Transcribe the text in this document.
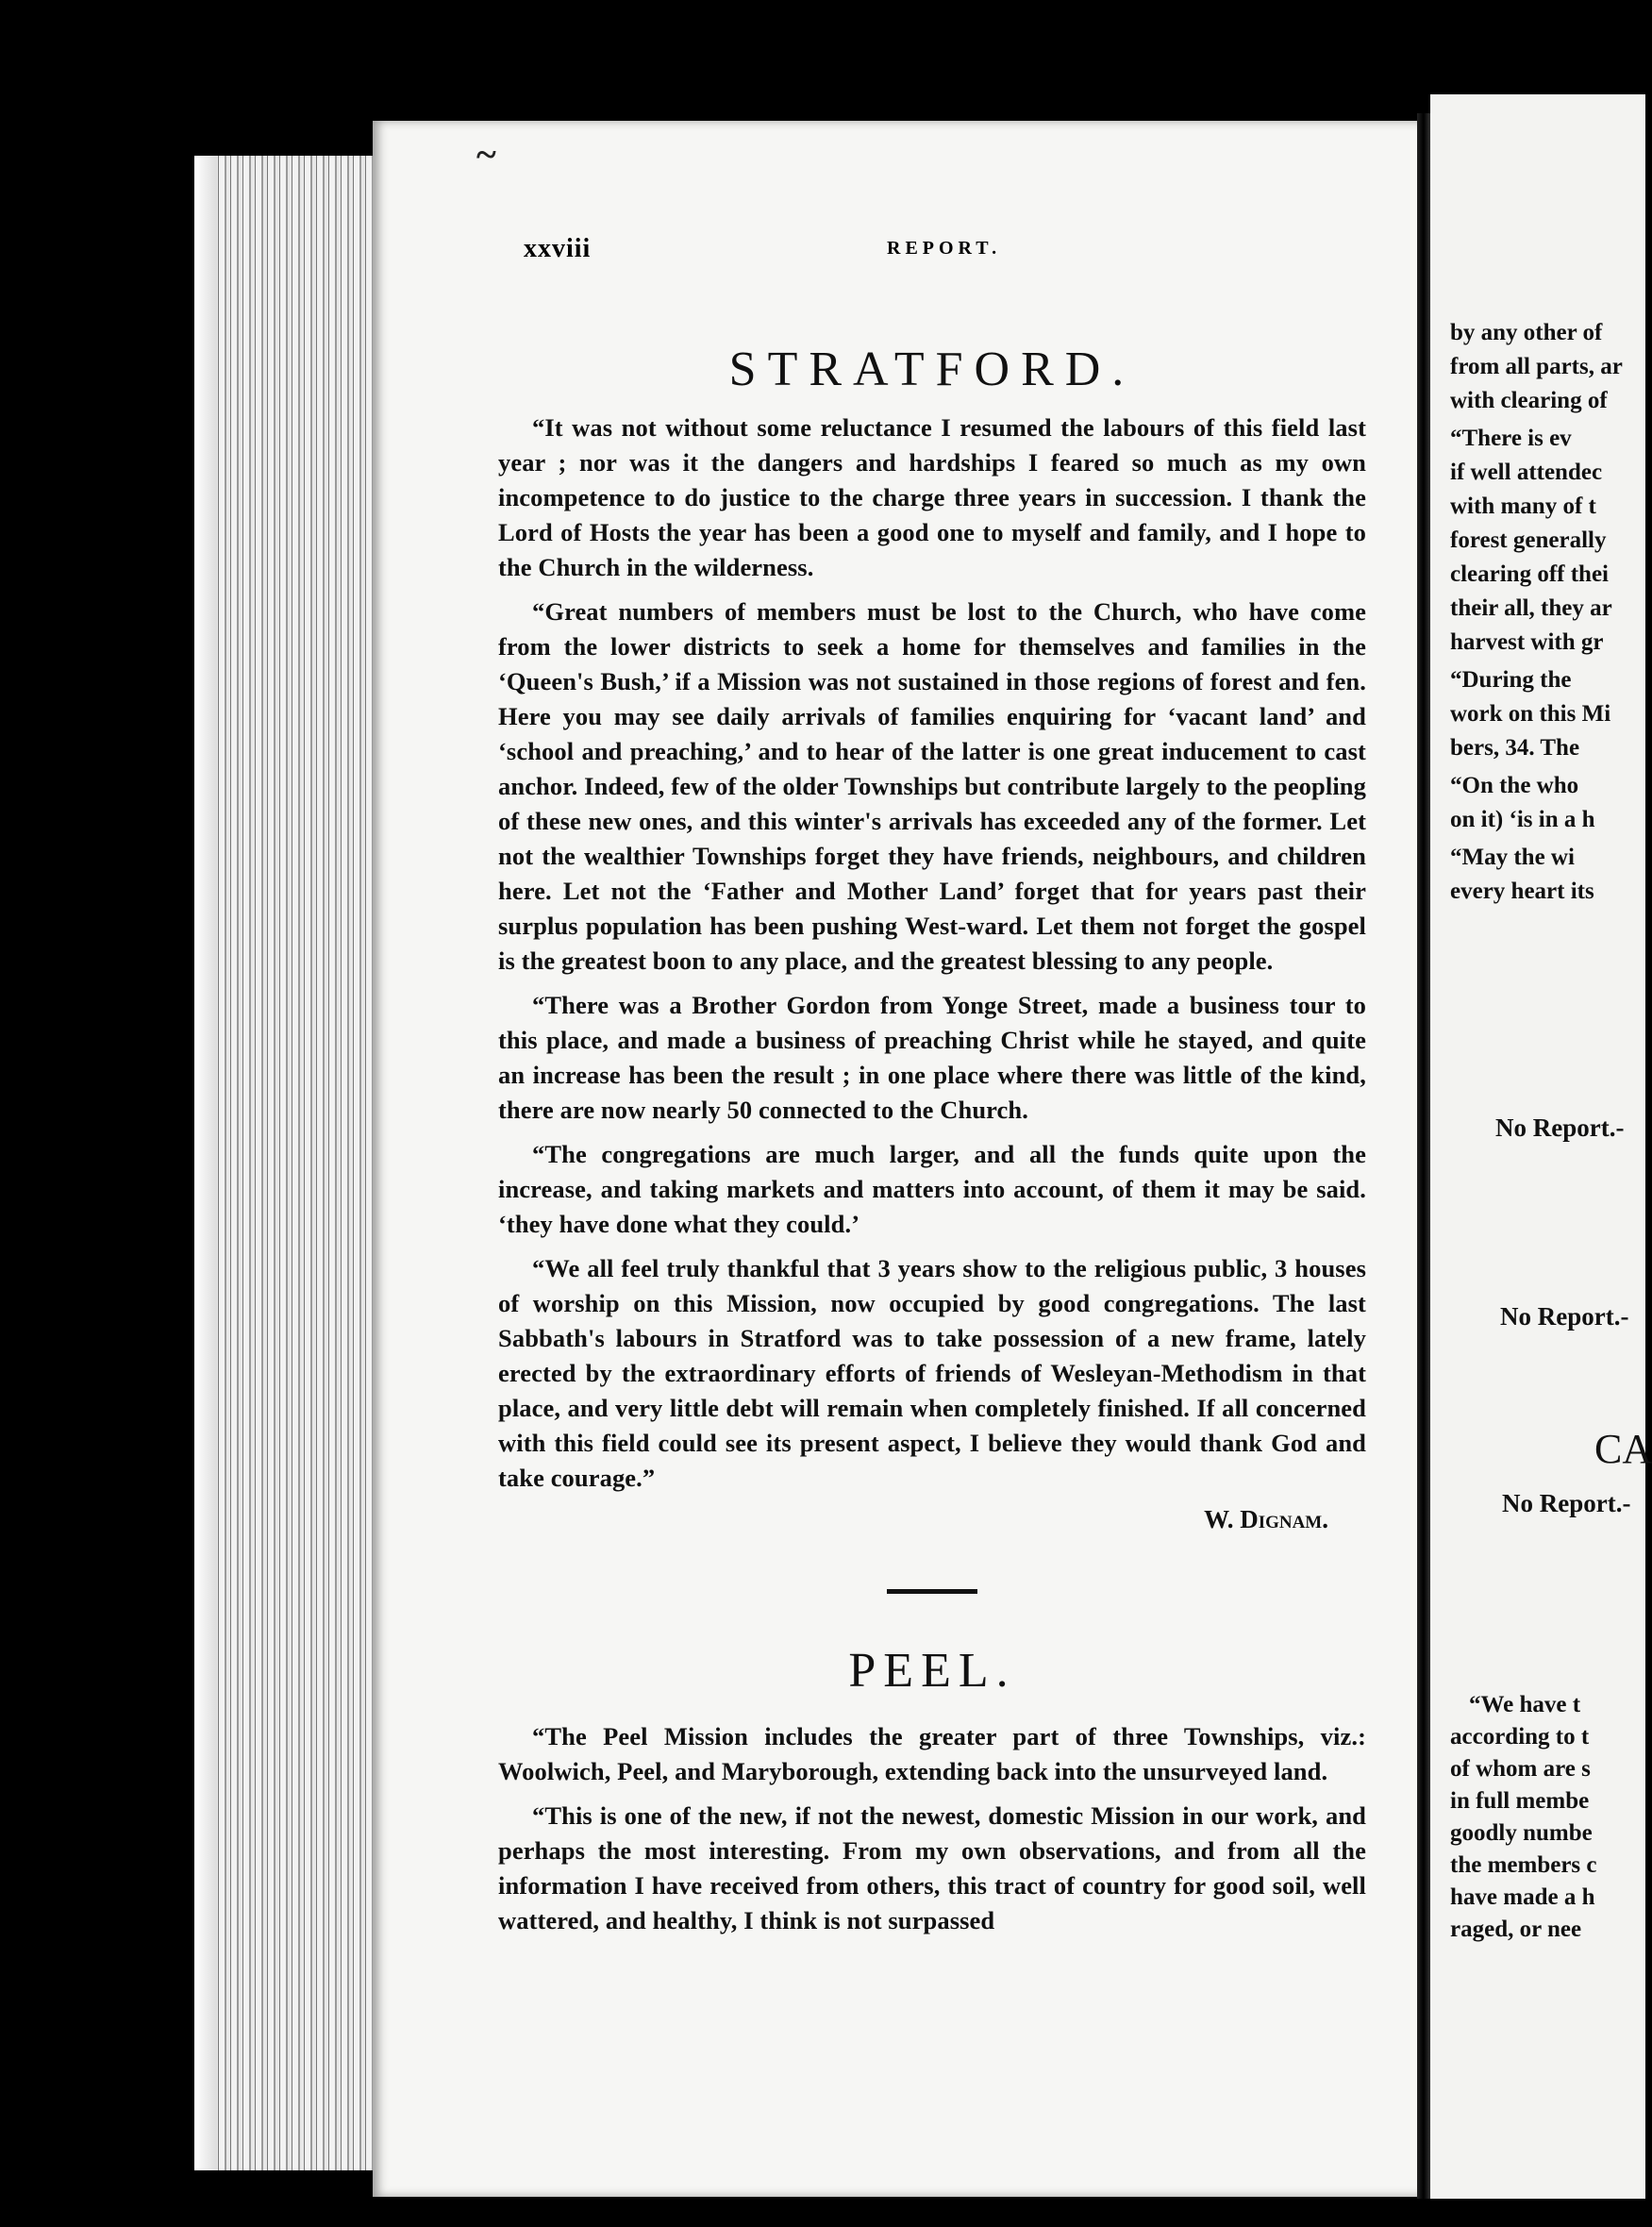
~
xxviii	REPORT.
STRATFORD.

“It was not without some reluctance I resumed the labours of this field last year ; nor was it the dangers and hardships I feared so much as my own incompetence to do justice to the charge three years in succession. I thank the Lord of Hosts the year has been a good one to myself and family, and I hope to the Church in the wilderness.

“Great numbers of members must be lost to the Church, who have come from the lower districts to seek a home for themselves and families in the ‘Queen's Bush,’ if a Mission was not sustained in those regions of forest and fen. Here you may see daily arrivals of families enquiring for ‘vacant land’ and ‘school and preaching,’ and to hear of the latter is one great inducement to cast anchor. Indeed, few of the older Townships but contribute largely to the peopling of these new ones, and this winter's arrivals has exceeded any of the former. Let not the wealthier Townships forget they have friends, neighbours, and children here. Let not the ‘Father and Mother Land’ forget that for years past their surplus population has been pushing West-ward. Let them not forget the gospel is the greatest boon to any place, and the greatest blessing to any people.

“There was a Brother Gordon from Yonge Street, made a business tour to this place, and made a business of preaching Christ while he stayed, and quite an increase has been the result ; in one place where there was little of the kind, there are now nearly 50 connected to the Church.

“The congregations are much larger, and all the funds quite upon the increase, and taking markets and matters into account, of them it may be said. ‘they have done what they could.’

“We all feel truly thankful that 3 years show to the religious public, 3 houses of worship on this Mission, now occupied by good congregations. The last Sabbath's labours in Stratford was to take possession of a new frame, lately erected by the extraordinary efforts of friends of Wesleyan-Methodism in that place, and very little debt will remain when completely finished. If all concerned with this field could see its present aspect, I believe they would thank God and take courage.”

W. Dignam.
PEEL.

“The Peel Mission includes the greater part of three Townships, viz.: Woolwich, Peel, and Maryborough, extending back into the unsurveyed land.

“This is one of the new, if not the newest, domestic Mission in our work, and perhaps the most interesting. From my own observations, and from all the information I have received from others, this tract of country for good soil, well wattered, and healthy, I think is not surpassed

by any other of
from all parts, ar
with clearing of
“There is ev
if well attendec
with many of t
forest generally
clearing off thei
their all, they ar
harvest with gr
“During the
work on this Mi
bers, 34. The
“On the who
on it) ‘is in a h
“May the wi
every heart its
No Report.-
No Report.-
CA
No Report.-
“We have t
according to t
of whom are s
in full membe
goodly numbe
the members c
have made a h
raged, or nee
